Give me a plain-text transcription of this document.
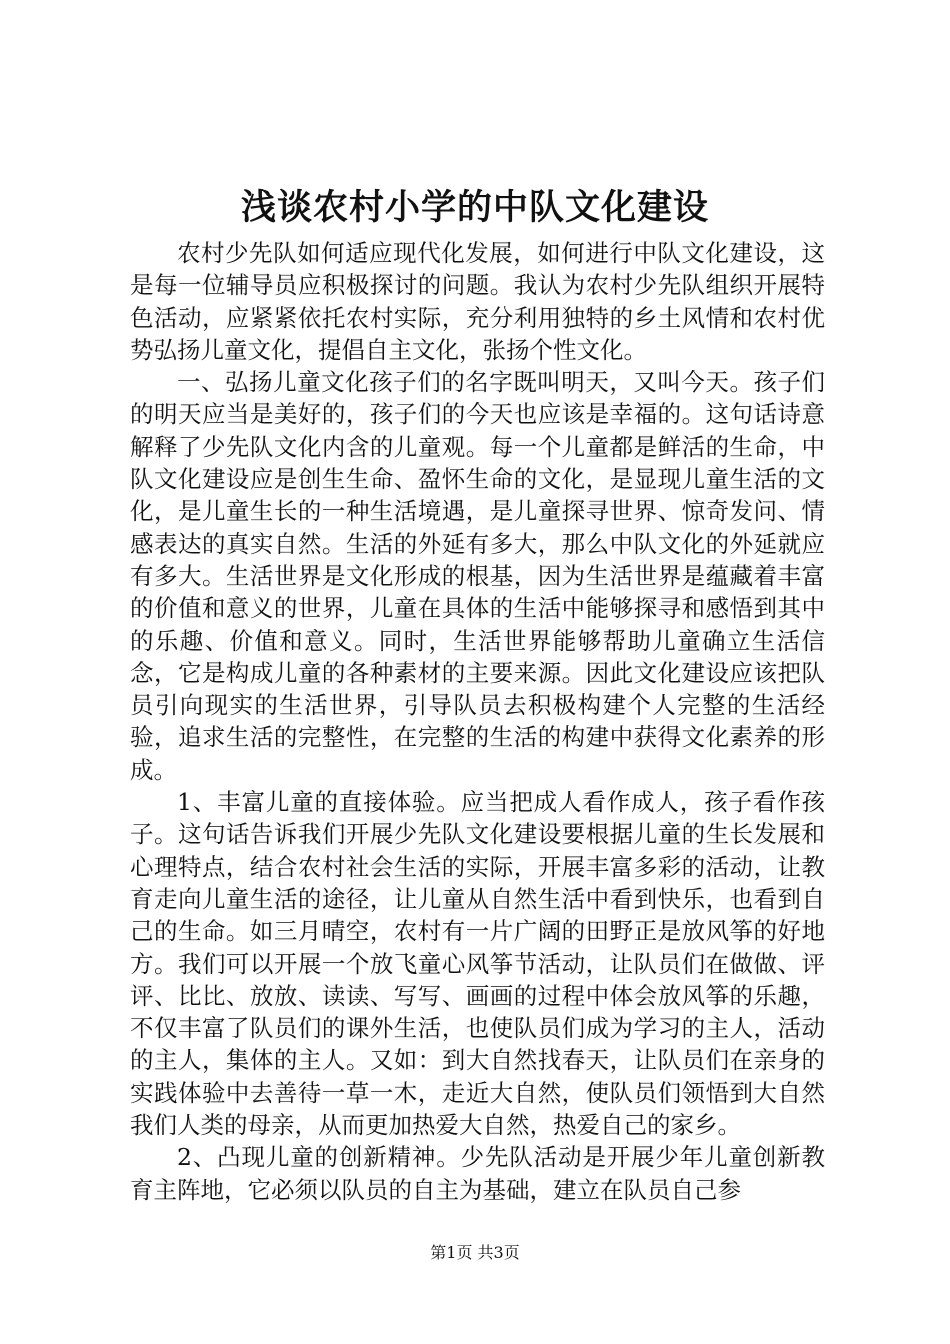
浅谈农村小学的中队文化建设

农村少先队如何适应现代化发展，如何进行中队文化建设，这是每一位辅导员应积极探讨的问题。我认为农村少先队组织开展特色活动，应紧紧依托农村实际，充分利用独特的乡土风情和农村优势弘扬儿童文化，提倡自主文化，张扬个性文化。

一、弘扬儿童文化孩子们的名字既叫明天，又叫今天。孩子们的明天应当是美好的，孩子们的今天也应该是幸福的。这句话诗意解释了少先队文化内含的儿童观。每一个儿童都是鲜活的生命，中队文化建设应是创生生命、盈怀生命的文化，是显现儿童生活的文化，是儿童生长的一种生活境遇，是儿童探寻世界、惊奇发问、情感表达的真实自然。生活的外延有多大，那么中队文化的外延就应有多大。生活世界是文化形成的根基，因为生活世界是蕴藏着丰富的价值和意义的世界，儿童在具体的生活中能够探寻和感悟到其中的乐趣、价值和意义。同时，生活世界能够帮助儿童确立生活信念，它是构成儿童的各种素材的主要来源。因此文化建设应该把队员引向现实的生活世界，引导队员去积极构建个人完整的生活经验，追求生活的完整性，在完整的生活的构建中获得文化素养的形成。

1、丰富儿童的直接体验。应当把成人看作成人，孩子看作孩子。这句话告诉我们开展少先队文化建设要根据儿童的生长发展和心理特点，结合农村社会生活的实际，开展丰富多彩的活动，让教育走向儿童生活的途径，让儿童从自然生活中看到快乐，也看到自己的生命。如三月晴空，农村有一片广阔的田野正是放风筝的好地方。我们可以开展一个放飞童心风筝节活动，让队员们在做做、评评、比比、放放、读读、写写、画画的过程中体会放风筝的乐趣，不仅丰富了队员们的课外生活，也使队员们成为学习的主人，活动的主人，集体的主人。又如：到大自然找春天，让队员们在亲身的实践体验中去善待一草一木，走近大自然，使队员们领悟到大自然我们人类的母亲，从而更加热爱大自然，热爱自己的家乡。

2、凸现儿童的创新精神。少先队活动是开展少年儿童创新教育主阵地，它必须以队员的自主为基础，建立在队员自己参

第1页 共3页
